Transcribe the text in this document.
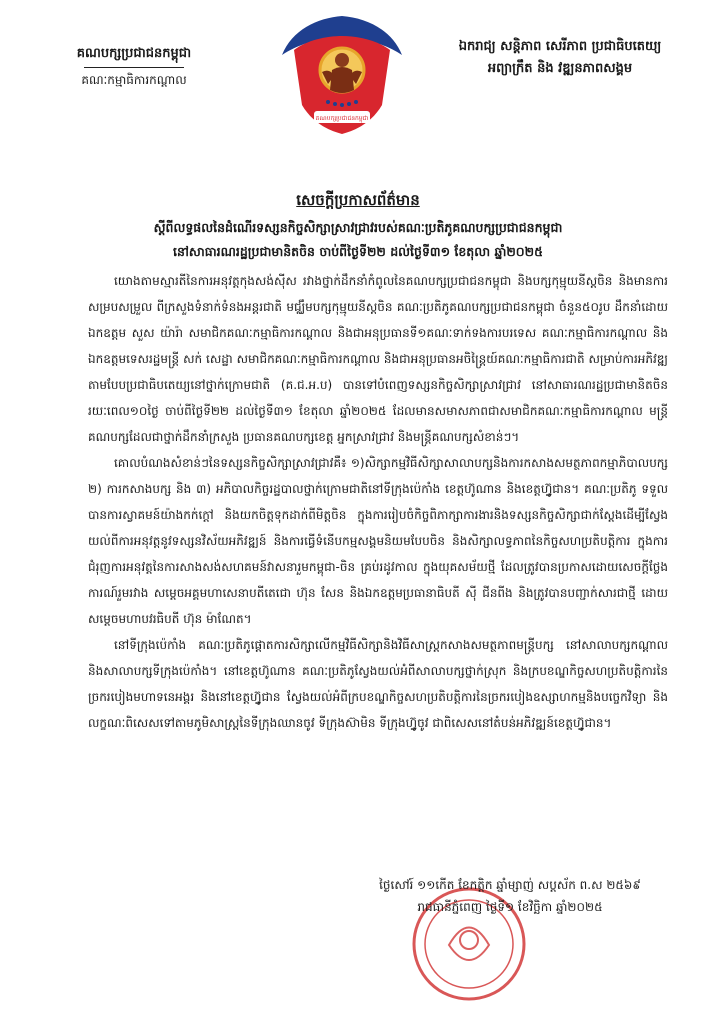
គណបក្សប្រជាជនកម្ពុជា
គណៈកម្មាធិការកណ្តាល
គណបក្សប្រជាជនកម្ពុជា
ឯករាជ្យ សន្តិភាព សេរីភាព ប្រជាធិបតេយ្យ
អព្យាក្រឹត និង វឌ្ឍនភាពសង្គម
សេចក្តីប្រកាសព័ត៌មាន
ស្តីពីលទ្ធផលនៃដំណើរទស្សនកិច្ចសិក្សាស្រាវជ្រាវរបស់គណៈប្រតិភូគណបក្សប្រជាជនកម្ពុជា
នៅសាធារណរដ្ឋប្រជាមានិតចិន ចាប់ពីថ្ងៃទី២២ ដល់ថ្ងៃទី៣១ ខែតុលា ឆ្នាំ២០២៥

យោងតាមស្មារតីនៃការអនុវត្តកុងសង់ស៊ីស រវាងថ្នាក់ដឹកនាំកំពូលនៃគណបក្សប្រជាជនកម្ពុជា និងបក្សកុម្មុយនីស្តចិន និងមានការសម្របសម្រួល ពីក្រសួងទំនាក់ទំនងអន្តរជាតិ មជ្ឈឹមបក្សកុម្មុយនីស្តចិន គណៈប្រតិភូគណបក្សប្រជាជនកម្ពុជា ចំនួន៥០រូប ដឹកនាំដោយ ឯកឧត្តម សួស យ៉ារ៉ា សមាជិកគណៈកម្មាធិការកណ្តាល និងជាអនុប្រធានទី១គណៈទាក់ទងការបរទេស គណៈកម្មាធិការកណ្តាល និងឯកឧត្តមទេសរដ្ឋមន្ត្រី សក់ សេដ្ឋា សមាជិកគណៈកម្មាធិការកណ្តាល និងជាអនុប្រធានអចិន្ត្រៃយ៍គណៈកម្មាធិការជាតិ សម្រាប់ការអភិវឌ្ឍតាមបែបប្រជាធិបតេយ្យនៅថ្នាក់ក្រោមជាតិ (គ.ជ.អ.ប) បានទៅបំពេញទស្សនកិច្ចសិក្សាស្រាវជ្រាវ នៅសាធារណរដ្ឋប្រជាមានិតចិន រយៈពេល១០ថ្ងៃ ចាប់ពីថ្ងៃទី២២ ដល់ថ្ងៃទី៣១ ខែតុលា ឆ្នាំ២០២៥ ដែលមានសមាសភាពជាសមាជិកគណៈកម្មាធិការកណ្តាល មន្ត្រីគណបក្សដែលជាថ្នាក់ដឹកនាំក្រសួង ប្រធានគណបក្សខេត្ត អ្នកស្រាវជ្រាវ និងមន្ត្រីគណបក្សសំខាន់ៗ។

គោលបំណងសំខាន់ៗនៃទស្សនកិច្ចសិក្សាស្រាវជ្រាវគឺ៖ ១)សិក្សាកម្មវិធីសិក្សាសាលាបក្សនិងការកសាងសមត្ថភាពកម្មាភិបាលបក្ស ២) ការកសាងបក្ស និង ៣) អភិបាលកិច្ចរដ្ឋបាលថ្នាក់ក្រោមជាតិនៅទីក្រុងប៉េកាំង ខេត្តហ៊ូណាន និងខេត្តហ្វ៊ូជាន។ គណៈប្រតិភូ ទទួលបានការស្វាគមន៍យ៉ាងកក់ក្តៅ និងយកចិត្តទុកដាក់ពីមិត្តចិន ក្នុងការរៀបចំកិច្ចពិភាក្សាការងារនិងទស្សនកិច្ចសិក្សាជាក់ស្តែងដើម្បីស្វែងយល់ពីការអនុវត្តនូវទស្សនវិស័យអភិវឌ្ឍន៍ និងការធ្វើទំនើបកម្មសង្គមនិយមបែបចិន និងសិក្សាលទ្ធភាពនៃកិច្ចសហប្រតិបត្តិការ ក្នុងការជំរុញការអនុវត្តនៃការសាងសង់សហគមន៍វាសនារួមកម្ពុជា-ចិន គ្រប់រដូវកាល ក្នុងយុគសម័យថ្មី ដែលត្រូវបានប្រកាសដោយសេចក្តីថ្លែងការណ៍រួមរវាង សម្តេចអគ្គមហាសេនាបតីតេជោ ហ៊ុន សែន និងឯកឧត្តមប្រធានាធិបតី ស៊ី ជីនពីង និងត្រូវបានបញ្ជាក់សារជាថ្មី ដោយ សម្តេចមហាបវរធិបតី ហ៊ុន ម៉ាណែត។

នៅទីក្រុងប៉េកាំង គណៈប្រតិភូផ្តោតការសិក្សាលើកម្មវិធីសិក្សានិងវិធីសាស្ត្រកសាងសមត្ថភាពមន្ត្រីបក្ស នៅសាលាបក្សកណ្តាល និងសាលាបក្សទីក្រុងប៉េកាំង។ នៅខេត្តហ៊ូណាន គណៈប្រតិភូស្វែងយល់អំពីសាលាបក្សថ្នាក់ស្រុក និងក្របខណ្ឌកិច្ចសហប្រតិបត្តិការនៃច្រករបៀងមហាទនេអង្គរ និងនៅខេត្តហ្វ៊ូជាន ស្វែងយល់អំពីក្របខណ្ឌកិច្ចសហប្រតិបត្តិការនៃច្រករបៀងឧស្សាហកម្មនិងបច្ចេកវិទ្យា និងលក្ខណៈពិសេសទៅតាមភូមិសាស្ត្រនៃទីក្រុងឈានចូវ ទីក្រុងស៊ាមិន ទីក្រុងហ្វ៊ូចូវ ជាពិសេសនៅតំបន់អភិវឌ្ឍន៍ខេត្តហ្វ៊ូជាន។

ថ្ងៃសៅរ៍ ១១កើត ខែកត្តិក ឆ្នាំម្សាញ់ សប្តស័ក ព.ស ២៥៦៩
រាជធានីភ្នំពេញ ថ្ងៃទី១ ខែវិច្ឆិកា ឆ្នាំ២០២៥
